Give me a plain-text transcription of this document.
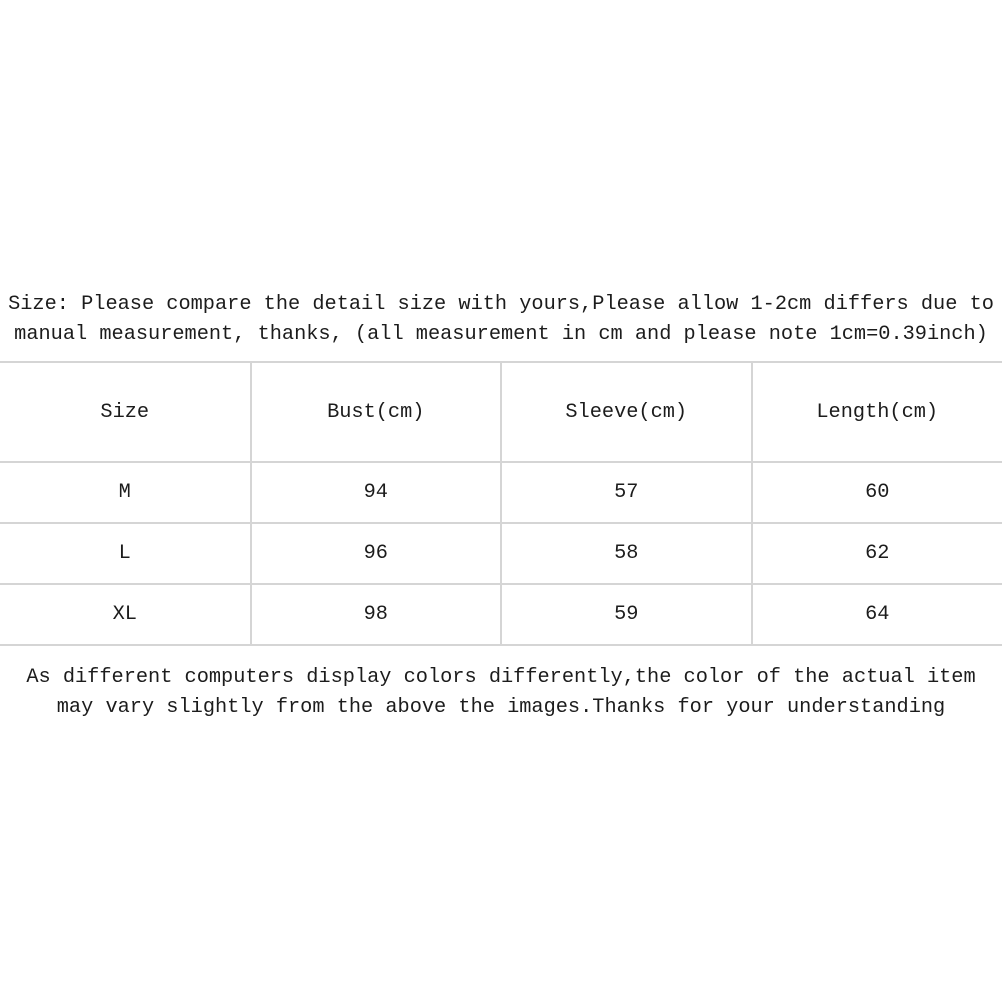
Size: Please compare the detail size with yours,Please allow 1-2cm differs due to
manual measurement, thanks, (all measurement in cm and please note 1cm=0.39inch)
Size	Bust(cm)	Sleeve(cm)	Length(cm)
M	94	57	60
L	96	58	62
XL	98	59	64
As different computers display colors differently,the color of the actual item
may vary slightly from the above the images.Thanks for your understanding
